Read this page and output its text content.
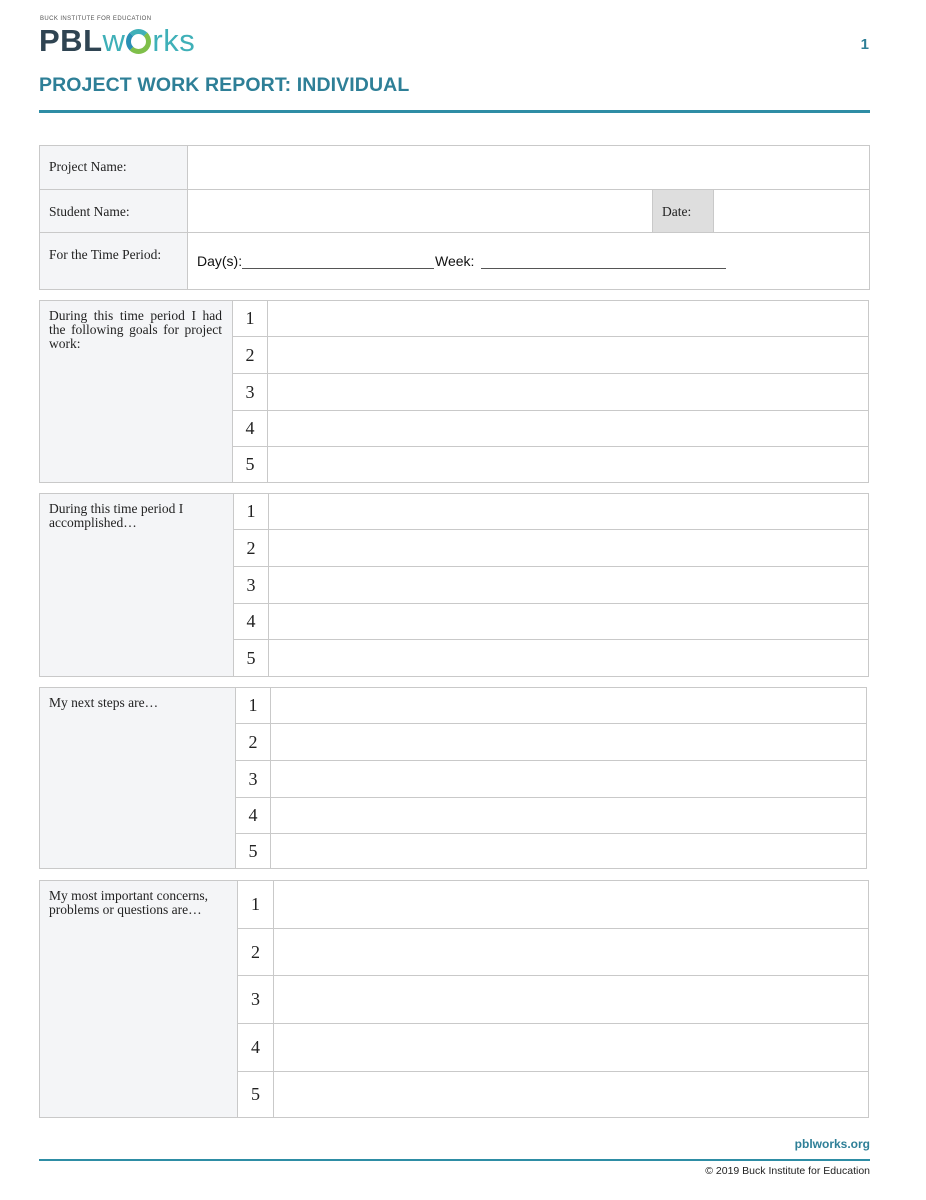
BUCK INSTITUTE FOR EDUCATION
PBLw rks	1
PROJECT WORK REPORT: INDIVIDUAL
Project Name:
Student Name:	Date:
For the Time Period:	Day(s):	Week:
During this time period I had the following goals for project work:
1
2
3
4
5
During this time period I accomplished…
1
2
3
4
5
My next steps are…	1
2
3
4
5
My most important concerns, problems or questions are…	1
2
3
4
5
pblworks.org
© 2019 Buck Institute for Education
